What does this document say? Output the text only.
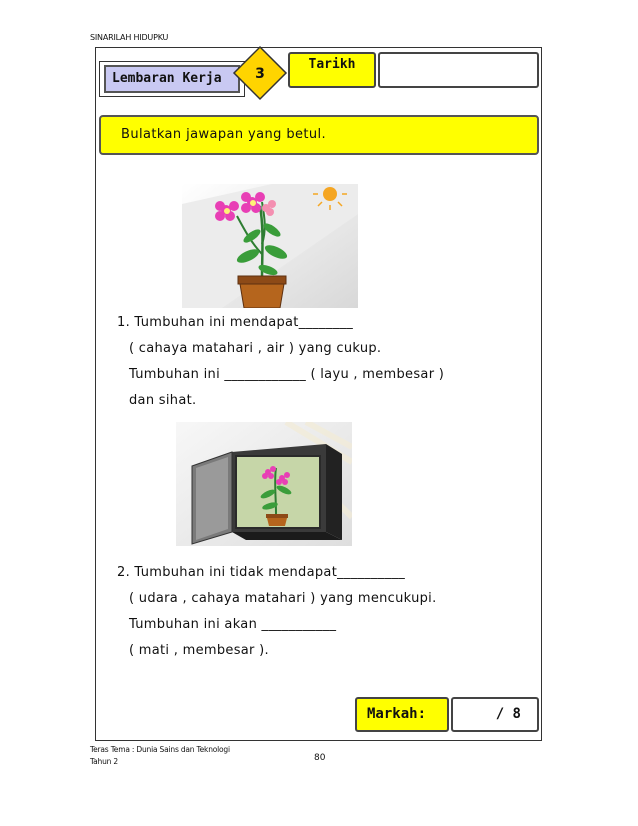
SINARILAH HIDUPKU
Lembaran Kerja	3
Tarikh
Bulatkan jawapan yang betul.
1. Tumbuhan ini mendapat________
( cahaya matahari , air ) yang cukup.
Tumbuhan ini ____________ ( layu , membesar )
dan sihat.
2. Tumbuhan ini tidak mendapat__________
( udara , cahaya matahari ) yang mencukupi.
Tumbuhan ini akan ___________
( mati , membesar ).
Markah:	/ 8
Teras Tema : Dunia Sains dan Teknologi
Tahun 2	80
